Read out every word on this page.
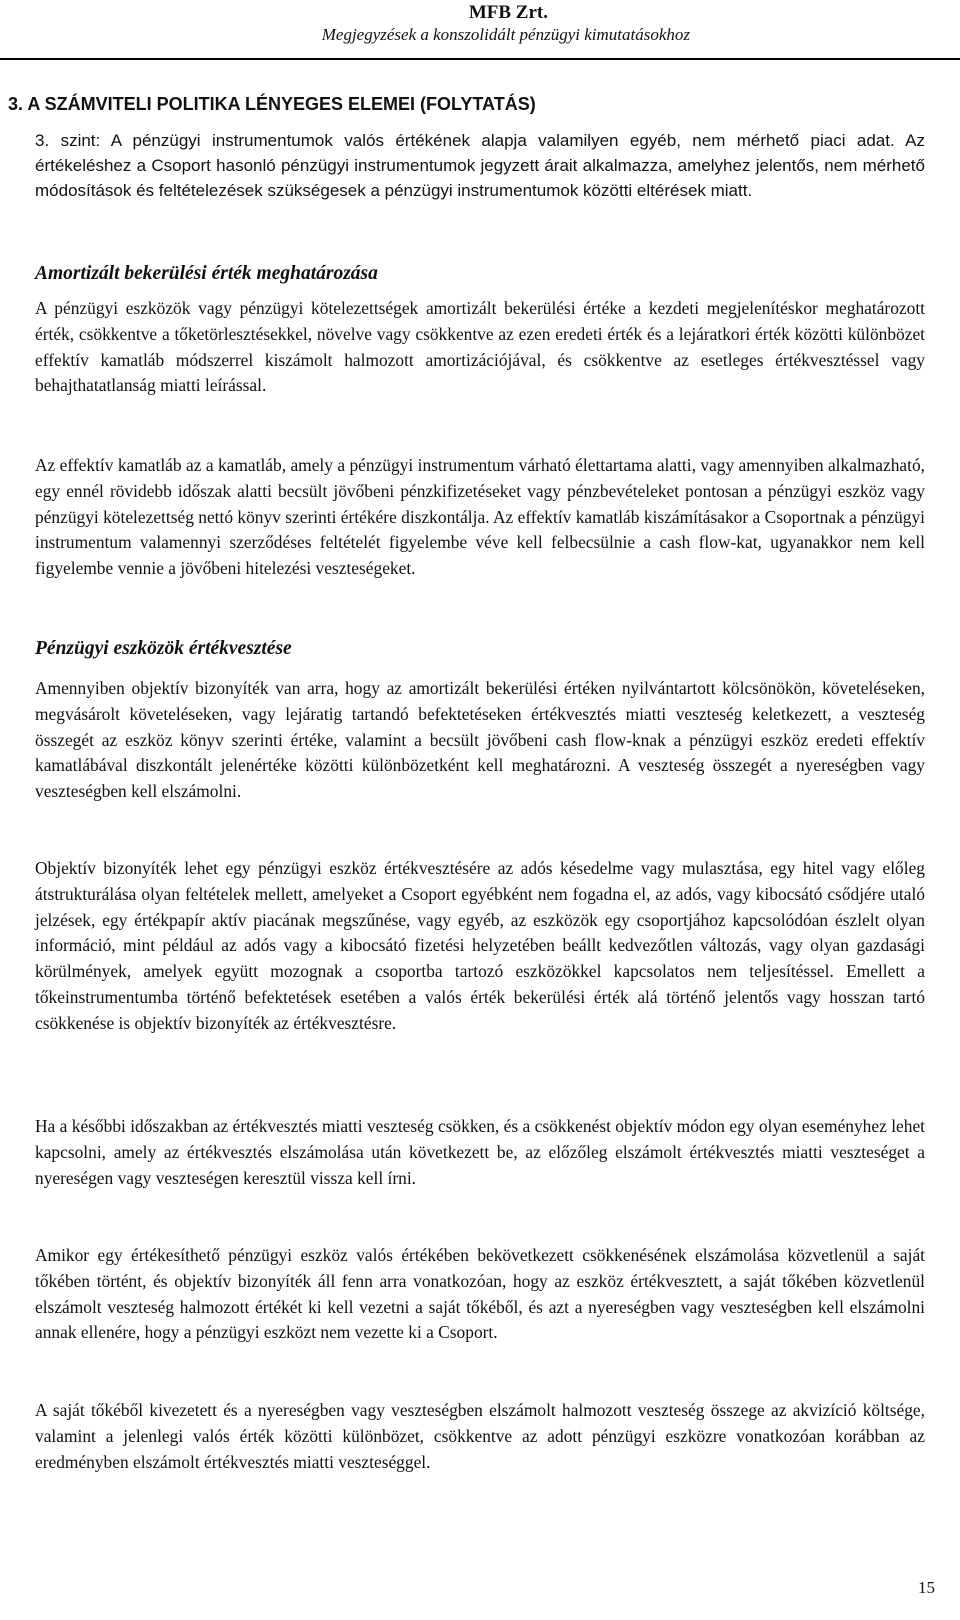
MFB Zrt.
Megjegyzések a konszolidált pénzügyi kimutatásokhoz
3. A SZÁMVITELI POLITIKA LÉNYEGES ELEMEI (FOLYTATÁS)
3. szint: A pénzügyi instrumentumok valós értékének alapja valamilyen egyéb, nem mérhető piaci adat. Az értékeléshez a Csoport hasonló pénzügyi instrumentumok jegyzett árait alkalmazza, amelyhez jelentős, nem mérhető módosítások és feltételezések szükségesek a pénzügyi instrumentumok közötti eltérések miatt.
Amortizált bekerülési érték meghatározása
A pénzügyi eszközök vagy pénzügyi kötelezettségek amortizált bekerülési értéke a kezdeti megjelenítéskor meghatározott érték, csökkentve a tőketörlesztésekkel, növelve vagy csökkentve az ezen eredeti érték és a lejáratkori érték közötti különbözet effektív kamatláb módszerrel kiszámolt halmozott amortizációjával, és csökkentve az esetleges értékvesztéssel vagy behajthatatlanság miatti leírással.
Az effektív kamatláb az a kamatláb, amely a pénzügyi instrumentum várható élettartama alatti, vagy amennyiben alkalmazható, egy ennél rövidebb időszak alatti becsült jövőbeni pénzkifizetéseket vagy pénzbevételeket pontosan a pénzügyi eszköz vagy pénzügyi kötelezettség nettó könyv szerinti értékére diszkontálja. Az effektív kamatláb kiszámításakor a Csoportnak a pénzügyi instrumentum valamennyi szerződéses feltételét figyelembe véve kell felbecsülnie a cash flow-kat, ugyanakkor nem kell figyelembe vennie a jövőbeni hitelezési veszteségeket.
Pénzügyi eszközök értékvesztése
Amennyiben objektív bizonyíték van arra, hogy az amortizált bekerülési értéken nyilvántartott kölcsönökön, követeléseken, megvásárolt követeléseken, vagy lejáratig tartandó befektetéseken értékvesztés miatti veszteség keletkezett, a veszteség összegét az eszköz könyv szerinti értéke, valamint a becsült jövőbeni cash flow-knak a pénzügyi eszköz eredeti effektív kamatlábával diszkontált jelenértéke közötti különbözetként kell meghatározni. A veszteség összegét a nyereségben vagy veszteségben kell elszámolni.
Objektív bizonyíték lehet egy pénzügyi eszköz értékvesztésére az adós késedelme vagy mulasztása, egy hitel vagy előleg átstrukturálása olyan feltételek mellett, amelyeket a Csoport egyébként nem fogadna el, az adós, vagy kibocsátó csődjére utaló jelzések, egy értékpapír aktív piacának megszűnése, vagy egyéb, az eszközök egy csoportjához kapcsolódóan észlelt olyan információ, mint például az adós vagy a kibocsátó fizetési helyzetében beállt kedvezőtlen változás, vagy olyan gazdasági körülmények, amelyek együtt mozognak a csoportba tartozó eszközökkel kapcsolatos nem teljesítéssel. Emellett a tőkeinstrumentumba történő befektetések esetében a valós érték bekerülési érték alá történő jelentős vagy hosszan tartó csökkenése is objektív bizonyíték az értékvesztésre.
Ha a későbbi időszakban az értékvesztés miatti veszteség csökken, és a csökkenést objektív módon egy olyan eseményhez lehet kapcsolni, amely az értékvesztés elszámolása után következett be, az előzőleg elszámolt értékvesztés miatti veszteséget a nyereségen vagy veszteségen keresztül vissza kell írni.
Amikor egy értékesíthető pénzügyi eszköz valós értékében bekövetkezett csökkenésének elszámolása közvetlenül a saját tőkében történt, és objektív bizonyíték áll fenn arra vonatkozóan, hogy az eszköz értékvesztett, a saját tőkében közvetlenül elszámolt veszteség halmozott értékét ki kell vezetni a saját tőkéből, és azt a nyereségben vagy veszteségben kell elszámolni annak ellenére, hogy a pénzügyi eszközt nem vezette ki a Csoport.
A saját tőkéből kivezetett és a nyereségben vagy veszteségben elszámolt halmozott veszteség összege az akvizíció költsége, valamint a jelenlegi valós érték közötti különbözet, csökkentve az adott pénzügyi eszközre vonatkozóan korábban az eredményben elszámolt értékvesztés miatti veszteséggel.
15
